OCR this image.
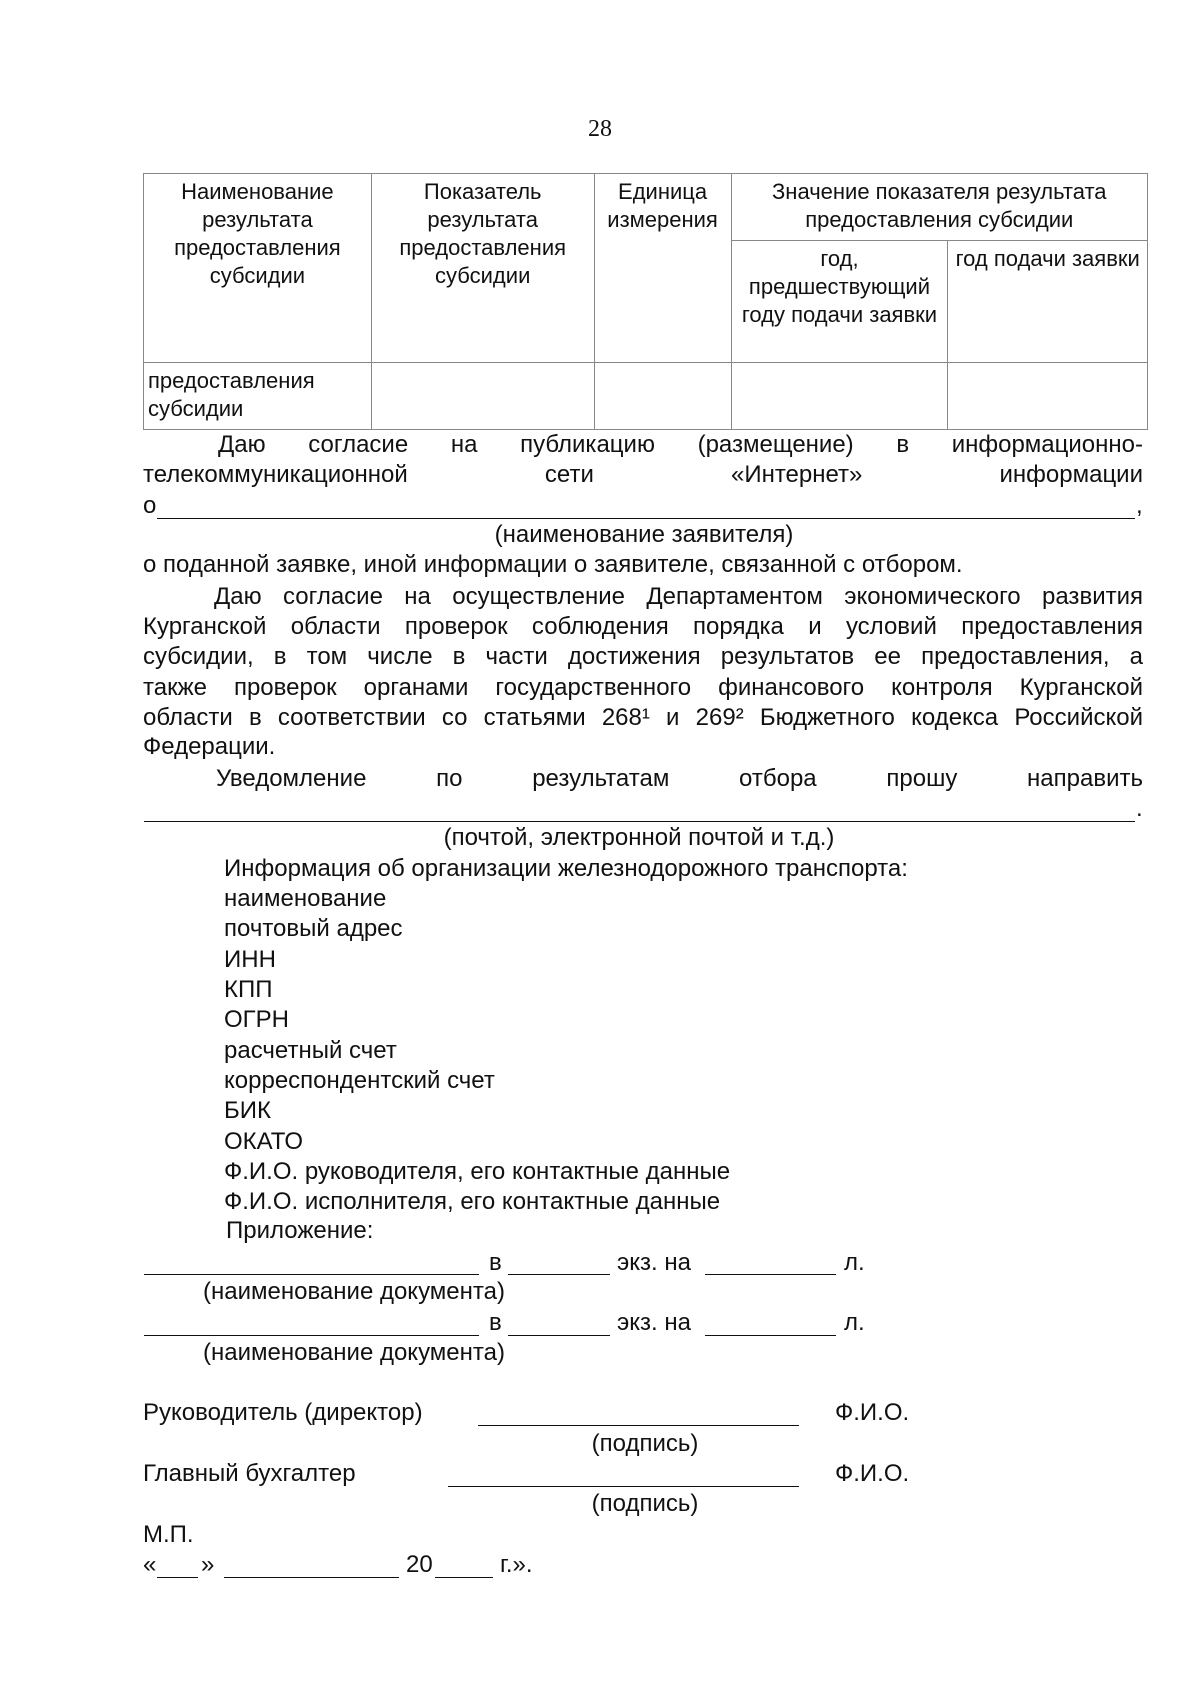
28
Наименование результата предоставления субсидии	Показатель результата предоставления субсидии	Единица измерения	Значение показателя результата предоставления субсидии	
			год, предшествующий году подачи заявки	год подачи заявки
предоставления субсидии				
Даю согласие на публикацию (размещение) в информационно-
телекоммуникационной сети «Интернет» информации
о	,
(наименование заявителя)
о поданной заявке, иной информации о заявителе, связанной с отбором.
Даю согласие на осуществление Департаментом экономического развития
Курганской области проверок соблюдения порядка и условий предоставления
субсидии, в том числе в части достижения результатов ее предоставления, а
также проверок органами государственного финансового контроля Курганской
области в соответствии со статьями 268¹ и 269² Бюджетного кодекса Российской
Федерации.
Уведомление по результатам отбора прошу направить
.
(почтой, электронной почтой и т.д.)
Информация об организации железнодорожного транспорта:
наименование
почтовый адрес
ИНН
КПП
ОГРН
расчетный счет
корреспондентский счет
БИК
ОКАТО
Ф.И.О. руководителя, его контактные данные
Ф.И.О. исполнителя, его контактные данные
Приложение:
в	экз. на	л.
(наименование документа)
в	экз. на	л.
(наименование документа)
Руководитель (директор)	Ф.И.О.
(подпись)
Главный бухгалтер	Ф.И.О.
(подпись)
М.П.
« »	20	г.».
